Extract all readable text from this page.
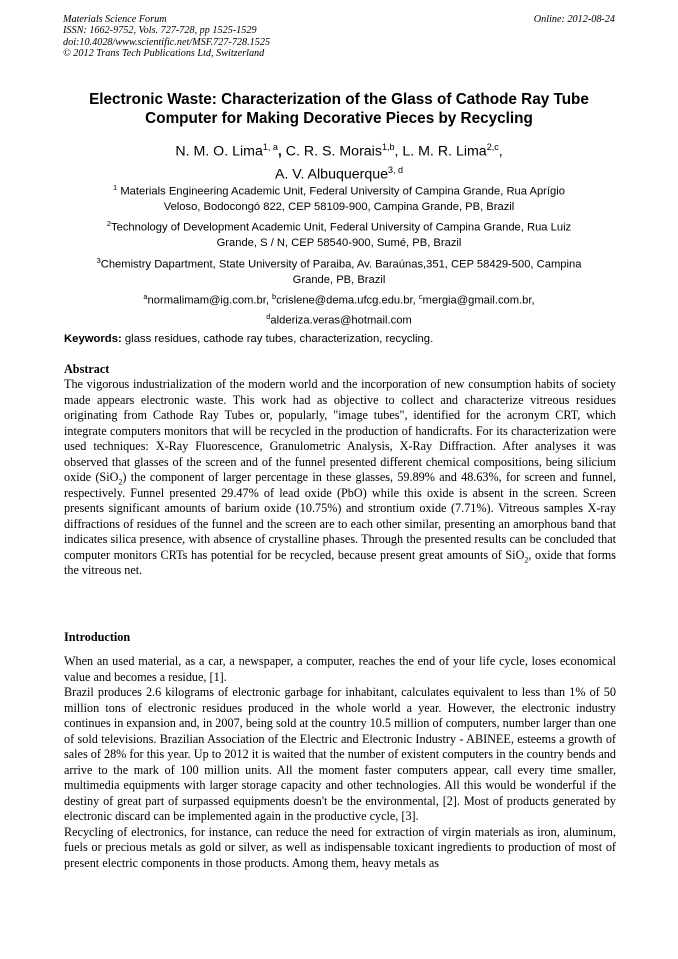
Materials Science Forum
ISSN: 1662-9752, Vols. 727-728, pp 1525-1529
doi:10.4028/www.scientific.net/MSF.727-728.1525
© 2012 Trans Tech Publications Ltd, Switzerland
Online: 2012-08-24
Electronic Waste: Characterization of the Glass of Cathode Ray Tube
Computer for Making Decorative Pieces by Recycling
N. M. O. Lima$^{1, a}$, C. R. S. Morais$^{1,b}$, L. M. R. Lima$^{2,c}$,
A. V. Albuquerque$^{3, d}$
$^1$ Materials Engineering Academic Unit, Federal University of Campina Grande, Rua Aprígio
Veloso, Bodocongó 822, CEP 58109-900, Campina Grande, PB, Brazil
$^2$Technology of Development Academic Unit, Federal University of Campina Grande, Rua Luiz
Grande, S / N, CEP 58540-900, Sumé, PB, Brazil
$^3$Chemistry Dapartment, State University of Paraiba, Av. Baraúnas,351, CEP 58429-500, Campina
Grande, PB, Brazil
$^a$normalimam@ig.com.br, $^b$crislene@dema.ufcg.edu.br, $^c$mergia@gmail.com.br,
$^d$alderiza.veras@hotmail.com
Keywords: glass residues, cathode ray tubes, characterization, recycling.
Abstract
The vigorous industrialization of the modern world and the incorporation of new consumption habits of society made appears electronic waste. This work had as objective to collect and characterize vitreous residues originating from Cathode Ray Tubes or, popularly, "image tubes", identified for the acronym CRT, which integrate computers monitors that will be recycled in the production of handicrafts. For its characterization were used techniques: X-Ray Fluorescence, Granulometric Analysis, X-Ray Diffraction. After analyses it was observed that glasses of the screen and of the funnel presented different chemical compositions, being silicium oxide (SiO$_2$) the component of larger percentage in these glasses, 59.89% and 48.63%, for screen and funnel, respectively. Funnel presented 29.47% of lead oxide (PbO) while this oxide is absent in the screen. Screen presents significant amounts of barium oxide (10.75%) and strontium oxide (7.71%). Vitreous samples X-ray diffractions of residues of the funnel and the screen are to each other similar, presenting an amorphous band that indicates silica presence, with absence of crystalline phases. Through the presented results can be concluded that computer monitors CRTs has potential for be recycled, because present great amounts of SiO$_2$, oxide that forms the vitreous net.
Introduction

When an used material, as a car, a newspaper, a computer, reaches the end of your life cycle, loses economical value and becomes a residue, [1].

Brazil produces 2.6 kilograms of electronic garbage for inhabitant, calculates equivalent to less than 1% of 50 million tons of electronic residues produced in the whole world a year. However, the electronic industry continues in expansion and, in 2007, being sold at the country 10.5 million of computers, number larger than one of sold televisions. Brazilian Association of the Electric and Electronic Industry - ABINEE, esteems a growth of sales of 28% for this year. Up to 2012 it is waited that the number of existent computers in the country bends and arrive to the mark of 100 million units. All the moment faster computers appear, call every time smaller, multimedia equipments with larger storage capacity and other technologies. All this would be wonderful if the destiny of great part of surpassed equipments doesn't be the environmental, [2]. Most of products generated by electronic discard can be implemented again in the productive cycle, [3].

Recycling of electronics, for instance, can reduce the need for extraction of virgin materials as iron, aluminum, fuels or precious metals as gold or silver, as well as indispensable toxicant ingredients to production of most of present electric components in those products. Among them, heavy metals as
